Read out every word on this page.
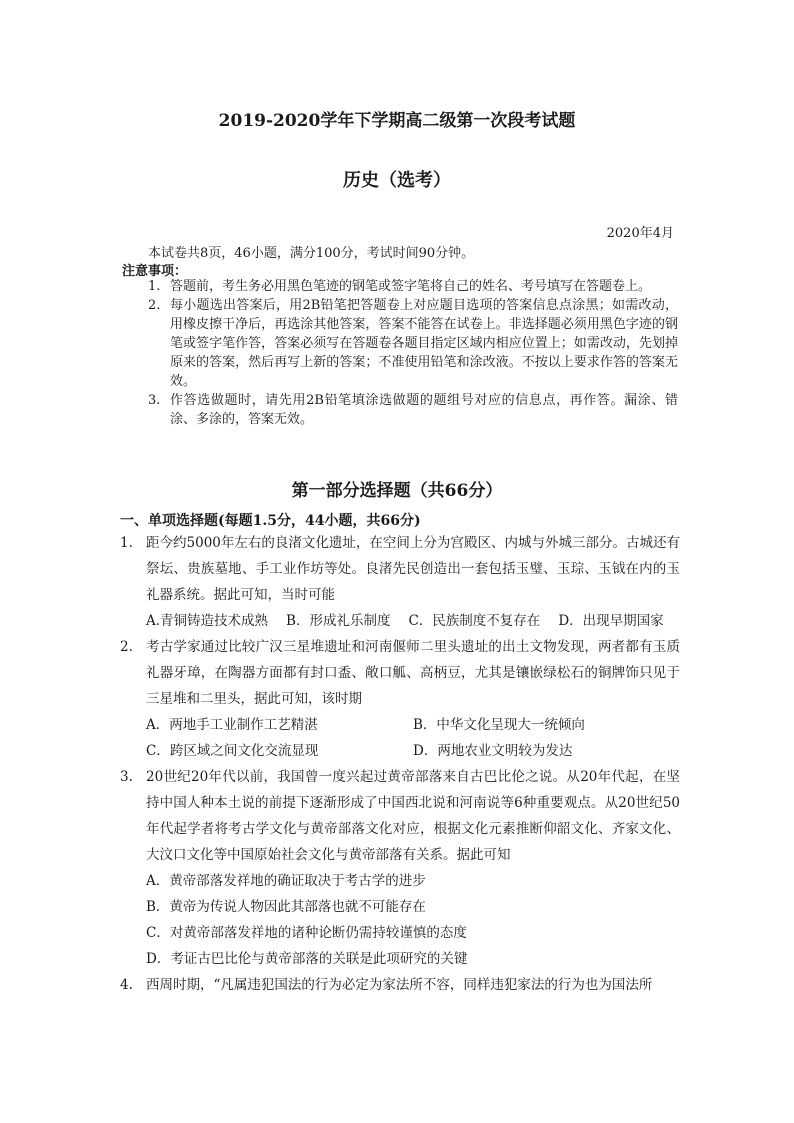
2019-2020学年下学期高二级第一次段考试题
历史（选考）
2020年4月
本试卷共8页，46小题，满分100分，考试时间90分钟。
注意事项：
1. 答题前，考生务必用黑色笔迹的钢笔或签字笔将自己的姓名、考号填写在答题卷上。
2. 每小题选出答案后，用2B铅笔把答题卷上对应题目选项的答案信息点涂黑；如需改动，用橡皮擦干净后，再选涂其他答案，答案不能答在试卷上。非选择题必须用黑色字迹的钢笔或签字笔作答，答案必须写在答题卷各题目指定区域内相应位置上；如需改动，先划掉原来的答案，然后再写上新的答案；不准使用铅笔和涂改液。不按以上要求作答的答案无效。
3. 作答选做题时，请先用2B铅笔填涂选做题的题组号对应的信息点，再作答。漏涂、错涂、多涂的，答案无效。
第一部分选择题（共66分）
一、单项选择题(每题1.5分，44小题，共66分)
1. 距今约5000年左右的良渚文化遗址，在空间上分为宫殿区、内城与外城三部分。古城还有祭坛、贵族墓地、手工业作坊等处。良渚先民创造出一套包括玉璧、玉琮、玉钺在内的玉礼器系统。据此可知，当时可能
A.青铜铸造技术成熟 B．形成礼乐制度 C．民族制度不复存在 D．出现早期国家
2. 考古学家通过比较广汉三星堆遗址和河南偃师二里头遗址的出土文物发现，两者都有玉质礼器牙璋，在陶器方面都有封口盉、敞口觚、高柄豆，尤其是镶嵌绿松石的铜牌饰只见于三星堆和二里头，据此可知，该时期
A．两地手工业制作工艺精湛	B．中华文化呈现大一统倾向
C．跨区域之间文化交流显现	D．两地农业文明较为发达
3. 20世纪20年代以前，我国曾一度兴起过黄帝部落来自古巴比伦之说。从20年代起，在坚持中国人种本土说的前提下逐渐形成了中国西北说和河南说等6种重要观点。从20世纪50年代起学者将考古学文化与黄帝部落文化对应，根据文化元素推断仰韶文化、齐家文化、大汶口文化等中国原始社会文化与黄帝部落有关系。据此可知
A．黄帝部落发祥地的确证取决于考古学的进步
B．黄帝为传说人物因此其部落也就不可能存在
C．对黄帝部落发祥地的诸种论断仍需持较谨慎的态度
D．考证古巴比伦与黄帝部落的关联是此项研究的关键
4. 西周时期，“凡属违犯国法的行为必定为家法所不容，同样违犯家法的行为也为国法所
